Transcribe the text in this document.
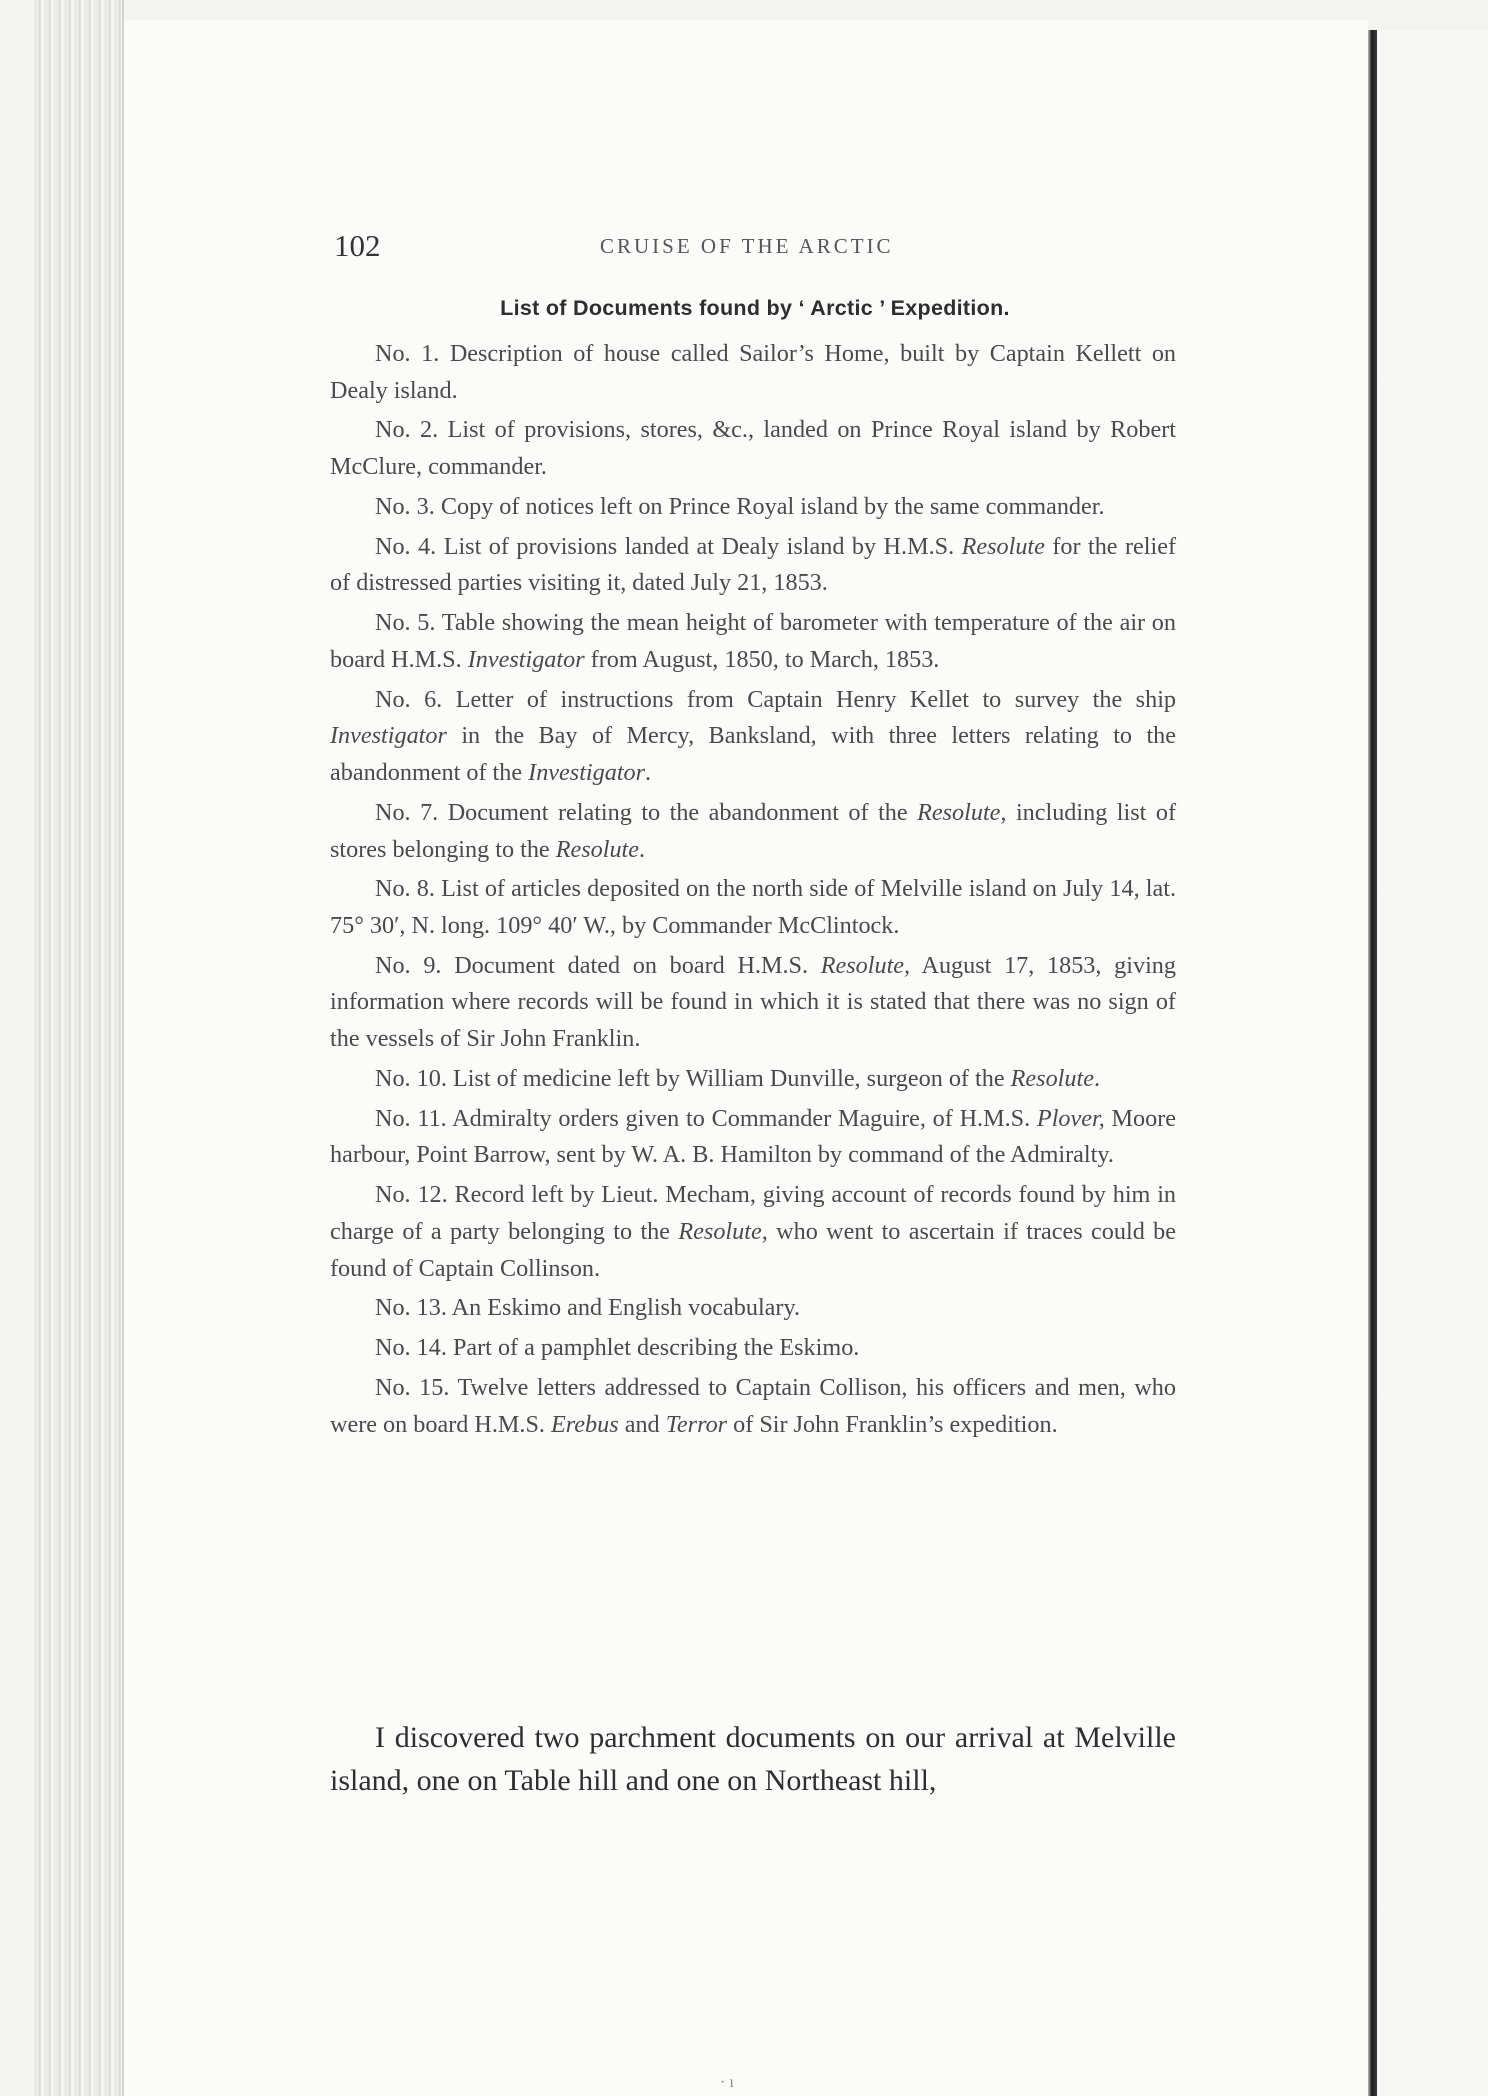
102	CRUISE OF THE ARCTIC
List of Documents found by ‘ Arctic ’ Expedition.

No. 1. Description of house called Sailor’s Home, built by Captain Kellett on Dealy island.

No. 2. List of provisions, stores, &c., landed on Prince Royal island by Robert McClure, commander.

No. 3. Copy of notices left on Prince Royal island by the same commander.

No. 4. List of provisions landed at Dealy island by H.M.S. Resolute for the relief of distressed parties visiting it, dated July 21, 1853.

No. 5. Table showing the mean height of barometer with temperature of the air on board H.M.S. Investigator from August, 1850, to March, 1853.

No. 6. Letter of instructions from Captain Henry Kellet to survey the ship Investigator in the Bay of Mercy, Banksland, with three letters relating to the abandonment of the Investigator.

No. 7. Document relating to the abandonment of the Resolute, including list of stores belonging to the Resolute.

No. 8. List of articles deposited on the north side of Melville island on July 14, lat. 75° 30′, N. long. 109° 40′ W., by Commander McClintock.

No. 9. Document dated on board H.M.S. Resolute, August 17, 1853, giving information where records will be found in which it is stated that there was no sign of the vessels of Sir John Franklin.

No. 10. List of medicine left by William Dunville, surgeon of the Resolute.

No. 11. Admiralty orders given to Commander Maguire, of H.M.S. Plover, Moore harbour, Point Barrow, sent by W. A. B. Hamilton by command of the Admiralty.

No. 12. Record left by Lieut. Mecham, giving account of records found by him in charge of a party belonging to the Resolute, who went to ascertain if traces could be found of Captain Collinson.

No. 13. An Eskimo and English vocabulary.

No. 14. Part of a pamphlet describing the Eskimo.

No. 15. Twelve letters addressed to Captain Collison, his officers and men, who were on board H.M.S. Erebus and Terror of Sir John Franklin’s expedition.

I discovered two parchment documents on our arrival at Melville island, one on Table hill and one on Northeast hill,

· ı
